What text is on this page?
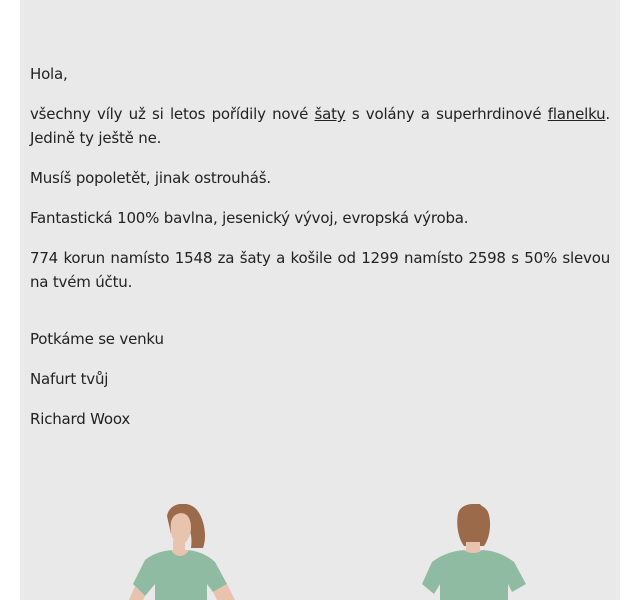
Hola,

všechny víly už si letos pořídily nové šaty s volány a superhrdinové flanelku. Jedině ty ještě ne.

Musíš popoletět, jinak ostrouháš.

Fantastická 100% bavlna, jesenický vývoj, evropská výroba.

774 korun namísto 1548 za šaty a košile od 1299 namísto 2598 s 50% slevou na tvém účtu.

Potkáme se venku

Nafurt tvůj

Richard Woox
